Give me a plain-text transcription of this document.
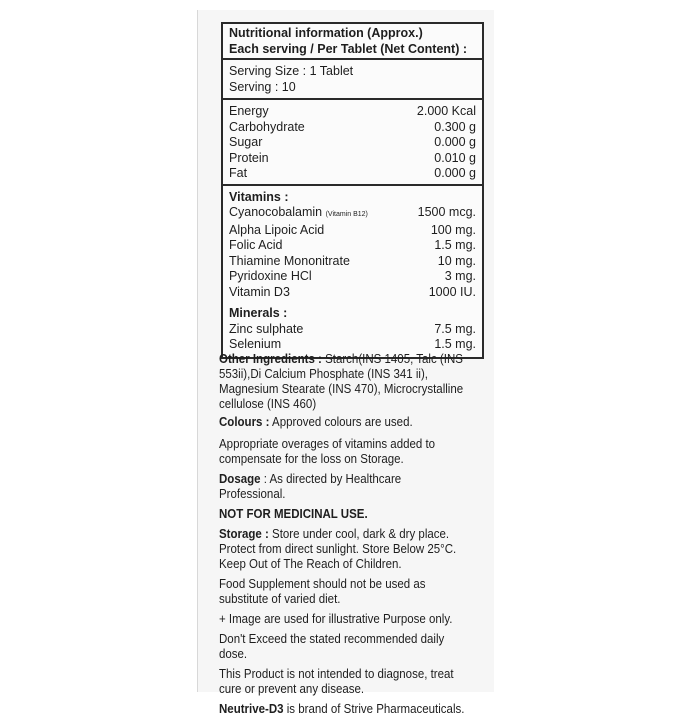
Nutritional information (Approx.)
Each serving / Per Tablet (Net Content) :
Serving Size : 1 Tablet
Serving : 10
Energy	2.000 Kcal
Carbohydrate	0.300 g
Sugar	0.000 g
Protein	0.010 g
Fat	0.000 g
Vitamins :
Cyanocobalamin (Vitamin B12)	1500 mcg.
Alpha Lipoic Acid	100 mg.
Folic Acid	1.5 mg.
Thiamine Mononitrate	10 mg.
Pyridoxine HCl	3 mg.
Vitamin D3	1000 IU.
Minerals :
Zinc sulphate	7.5 mg.
Selenium	1.5 mg.

Other Ingredients : Starch(INS 1405, Talc (INS 553ii),Di Calcium Phosphate (INS 341 ii), Magnesium Stearate (INS 470), Microcrystalline cellulose (INS 460)

Colours : Approved colours are used.

Appropriate overages of vitamins added to compensate for the loss on Storage.

Dosage : As directed by Healthcare Professional.

NOT FOR MEDICINAL USE.

Storage : Store under cool, dark & dry place. Protect from direct sunlight. Store Below 25°C. Keep Out of The Reach of Children.

Food Supplement should not be used as substitute of varied diet.

+ Image are used for illustrative Purpose only.

Don't Exceed the stated recommended daily dose.

This Product is not intended to diagnose, treat cure or prevent any disease.

Neutrive-D3 is brand of Strive Pharmaceuticals.
